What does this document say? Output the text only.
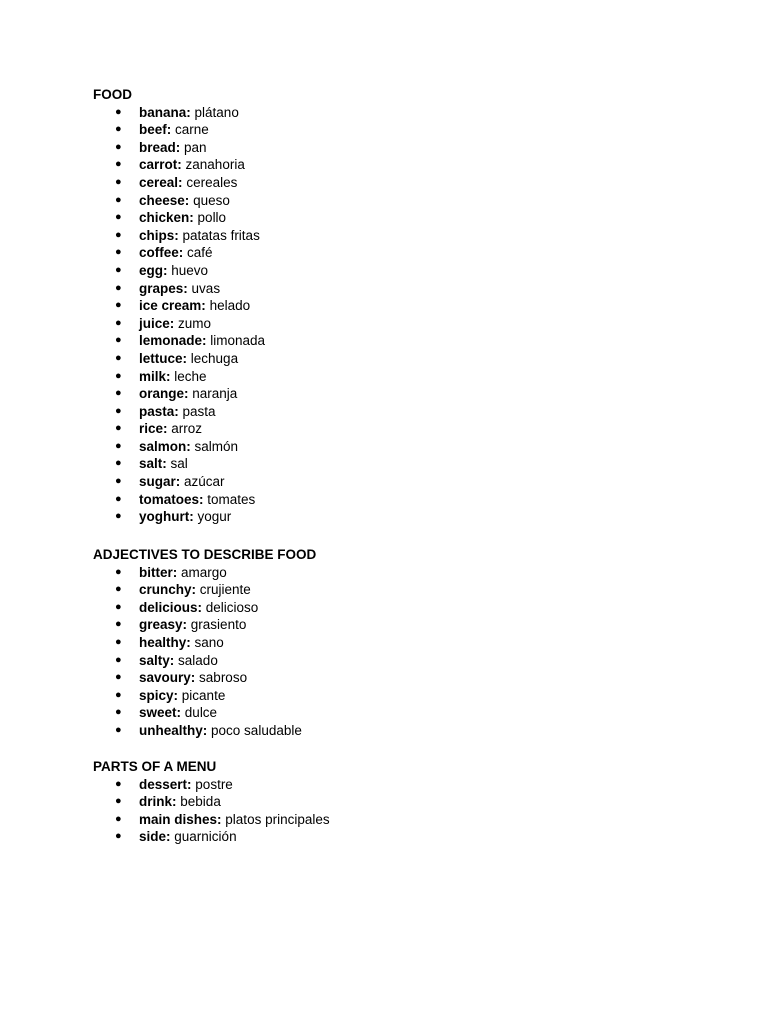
FOOD
● banana: plátano
● beef: carne
● bread: pan
● carrot: zanahoria
● cereal: cereales
● cheese: queso
● chicken: pollo
● chips: patatas fritas
● coffee: café
● egg: huevo
● grapes: uvas
● ice cream: helado
● juice: zumo
● lemonade: limonada
● lettuce: lechuga
● milk: leche
● orange: naranja
● pasta: pasta
● rice: arroz
● salmon: salmón
● salt: sal
● sugar: azúcar
● tomatoes: tomates
● yoghurt: yogur
ADJECTIVES TO DESCRIBE FOOD
● bitter: amargo
● crunchy: crujiente
● delicious: delicioso
● greasy: grasiento
● healthy: sano
● salty: salado
● savoury: sabroso
● spicy: picante
● sweet: dulce
● unhealthy: poco saludable
PARTS OF A MENU
● dessert: postre
● drink: bebida
● main dishes: platos principales
● side: guarnición
